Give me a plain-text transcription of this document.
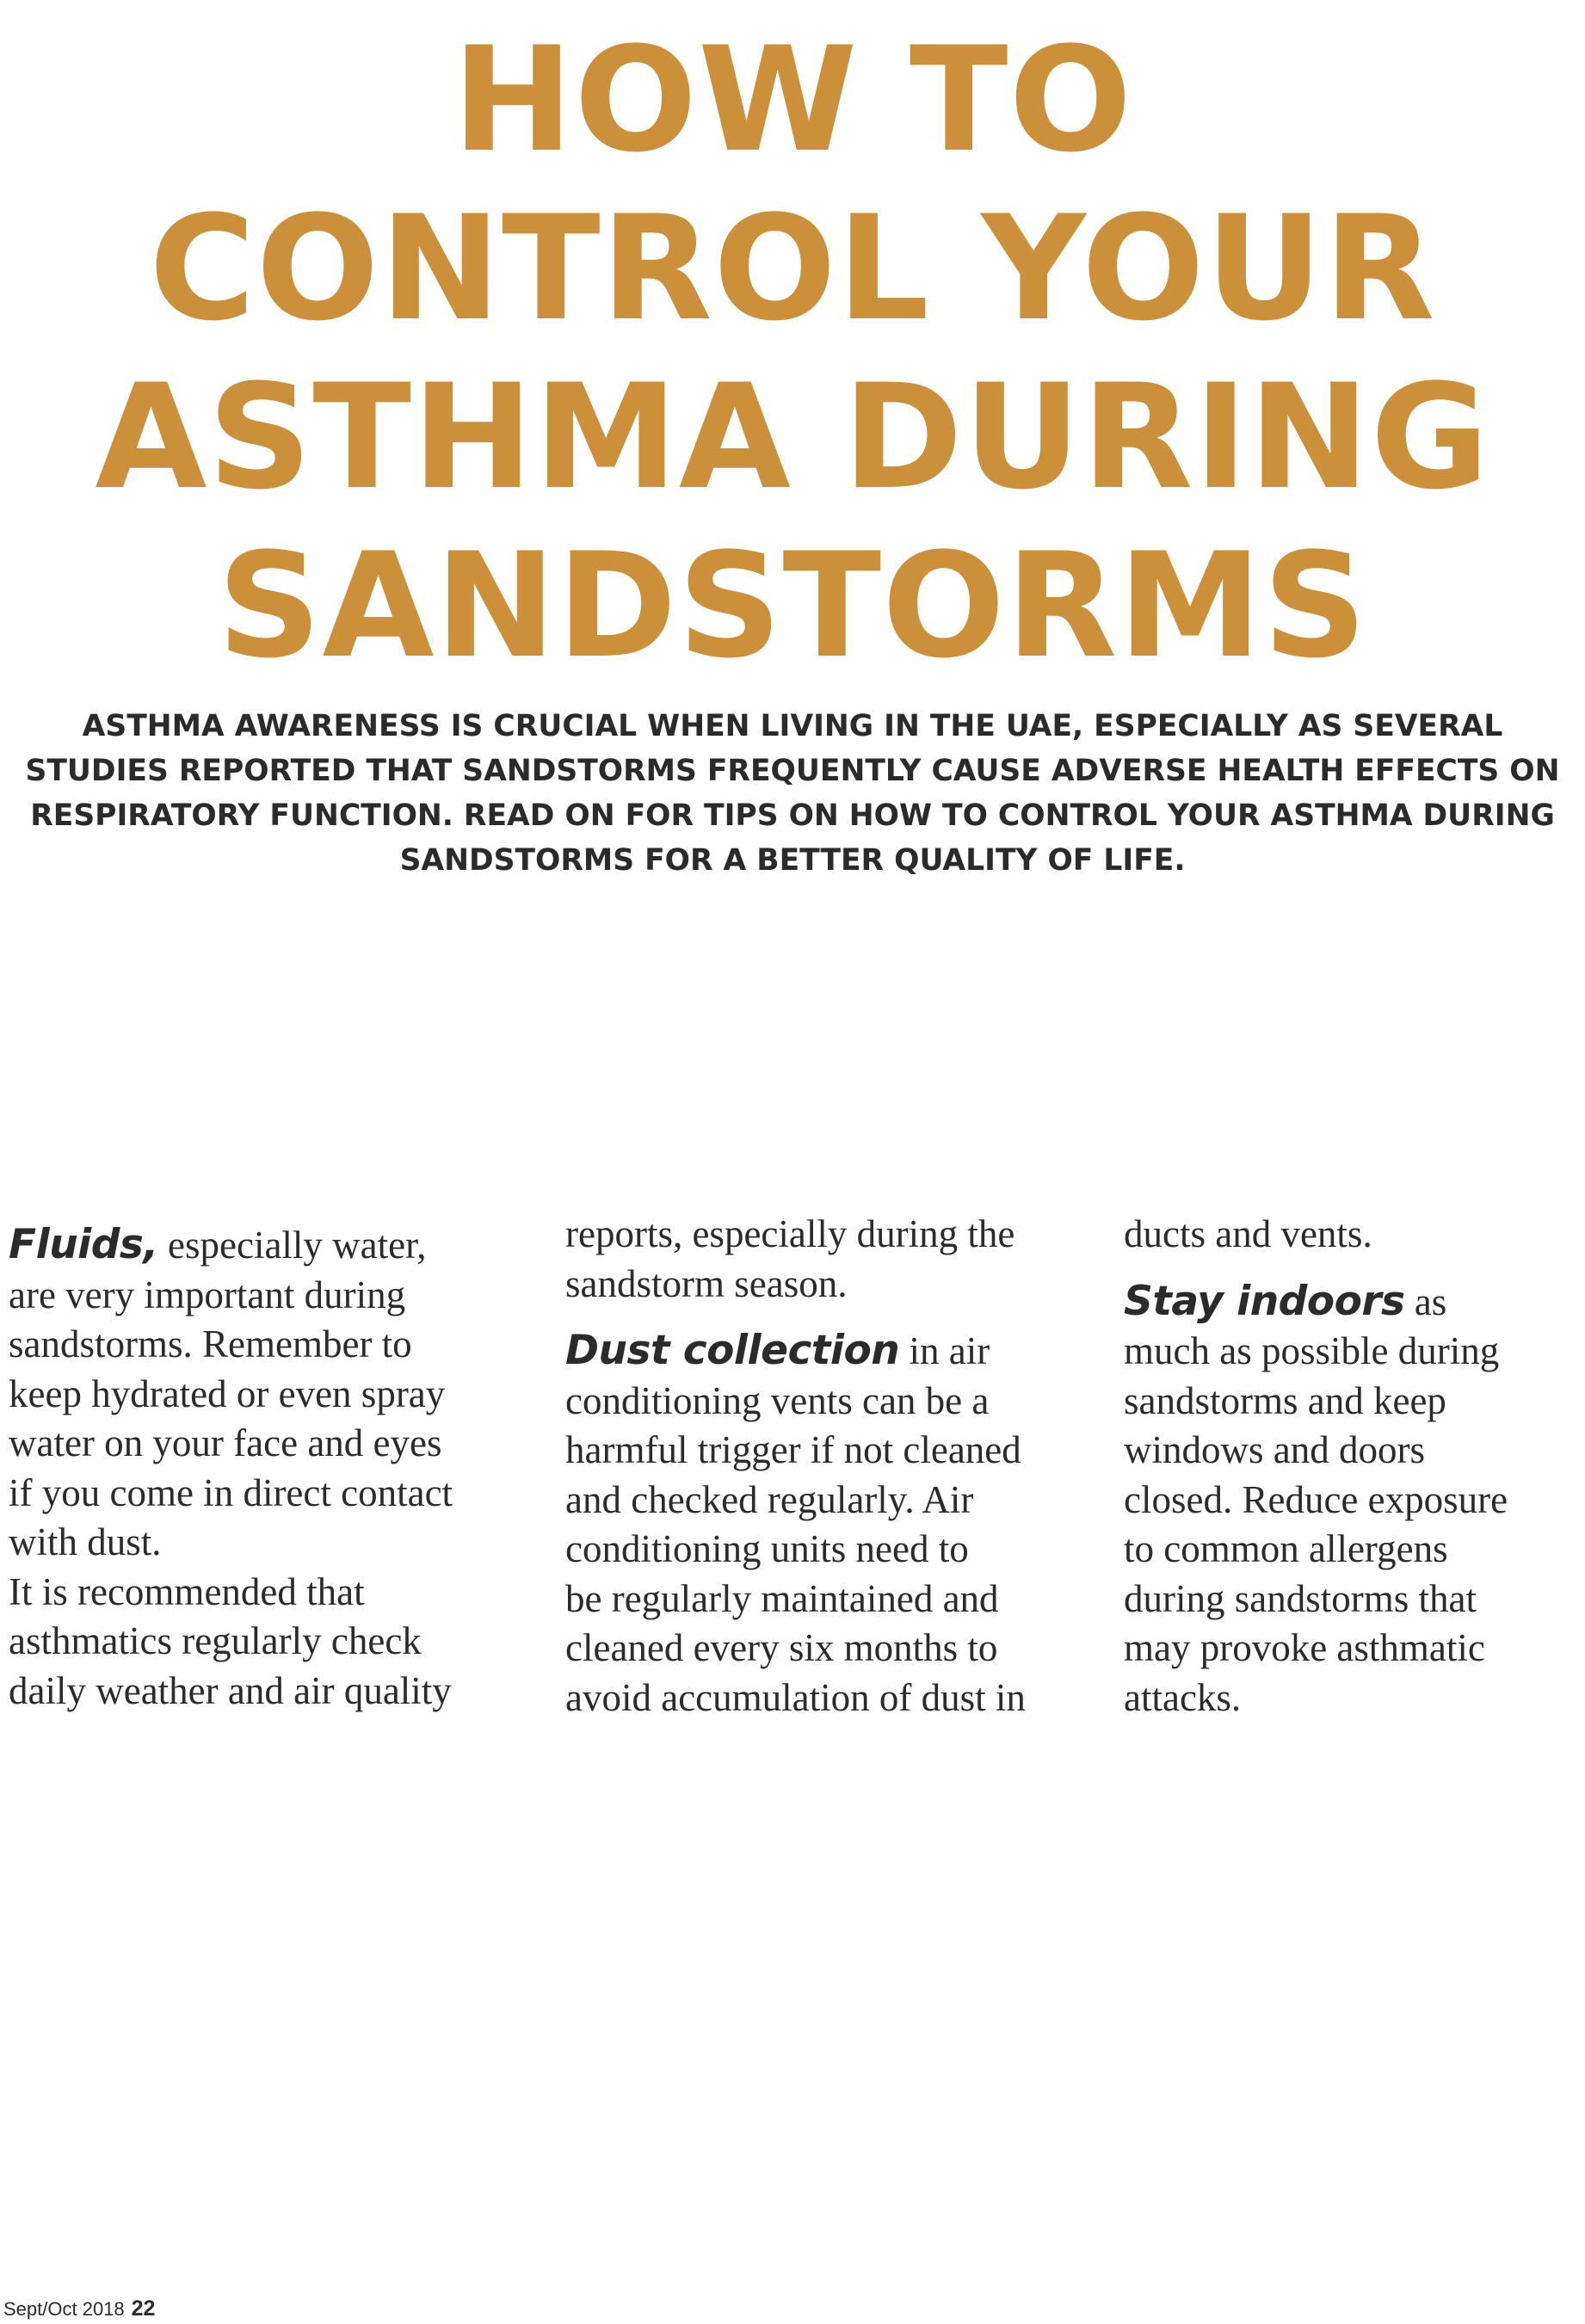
HOW TO
CONTROL YOUR
ASTHMA DURING
SANDSTORMS

ASTHMA AWARENESS IS CRUCIAL WHEN LIVING IN THE UAE, ESPECIALLY AS SEVERAL
STUDIES REPORTED THAT SANDSTORMS FREQUENTLY CAUSE ADVERSE HEALTH EFFECTS ON
RESPIRATORY FUNCTION. READ ON FOR TIPS ON HOW TO CONTROL YOUR ASTHMA DURING
SANDSTORMS FOR A BETTER QUALITY OF LIFE.

Fluids, especially water,
are very important during
sandstorms. Remember to
keep hydrated or even spray
water on your face and eyes
if you come in direct contact
with dust.
It is recommended that
asthmatics regularly check
daily weather and air quality
reports, especially during the
sandstorm season.
Dust collection in air
conditioning vents can be a
harmful trigger if not cleaned
and checked regularly. Air
conditioning units need to
be regularly maintained and
cleaned every six months to
avoid accumulation of dust in
ducts and vents.
Stay indoors as
much as possible during
sandstorms and keep
windows and doors
closed. Reduce exposure
to common allergens
during sandstorms that
may provoke asthmatic
attacks.
Sept/Oct 2018 22
